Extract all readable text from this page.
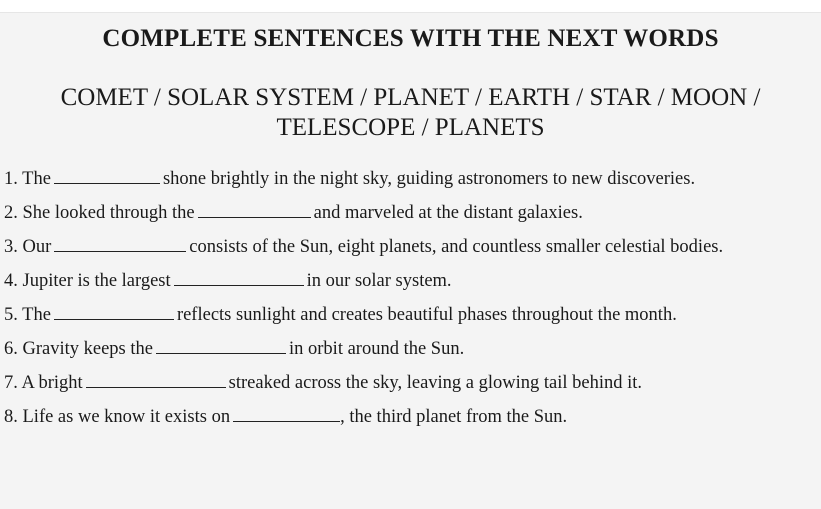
COMPLETE SENTENCES WITH THE NEXT WORDS
COMET / SOLAR SYSTEM / PLANET / EARTH / STAR / MOON /
TELESCOPE / PLANETS
1. The	shone brightly in the night sky, guiding astronomers to new discoveries.
2. She looked through the	and marveled at the distant galaxies.
3. Our	consists of the Sun, eight planets, and countless smaller celestial bodies.
4. Jupiter is the largest	in our solar system.
5. The	reflects sunlight and creates beautiful phases throughout the month.
6. Gravity keeps the	in orbit around the Sun.
7. A bright	streaked across the sky, leaving a glowing tail behind it.
8. Life as we know it exists on	, the third planet from the Sun.
